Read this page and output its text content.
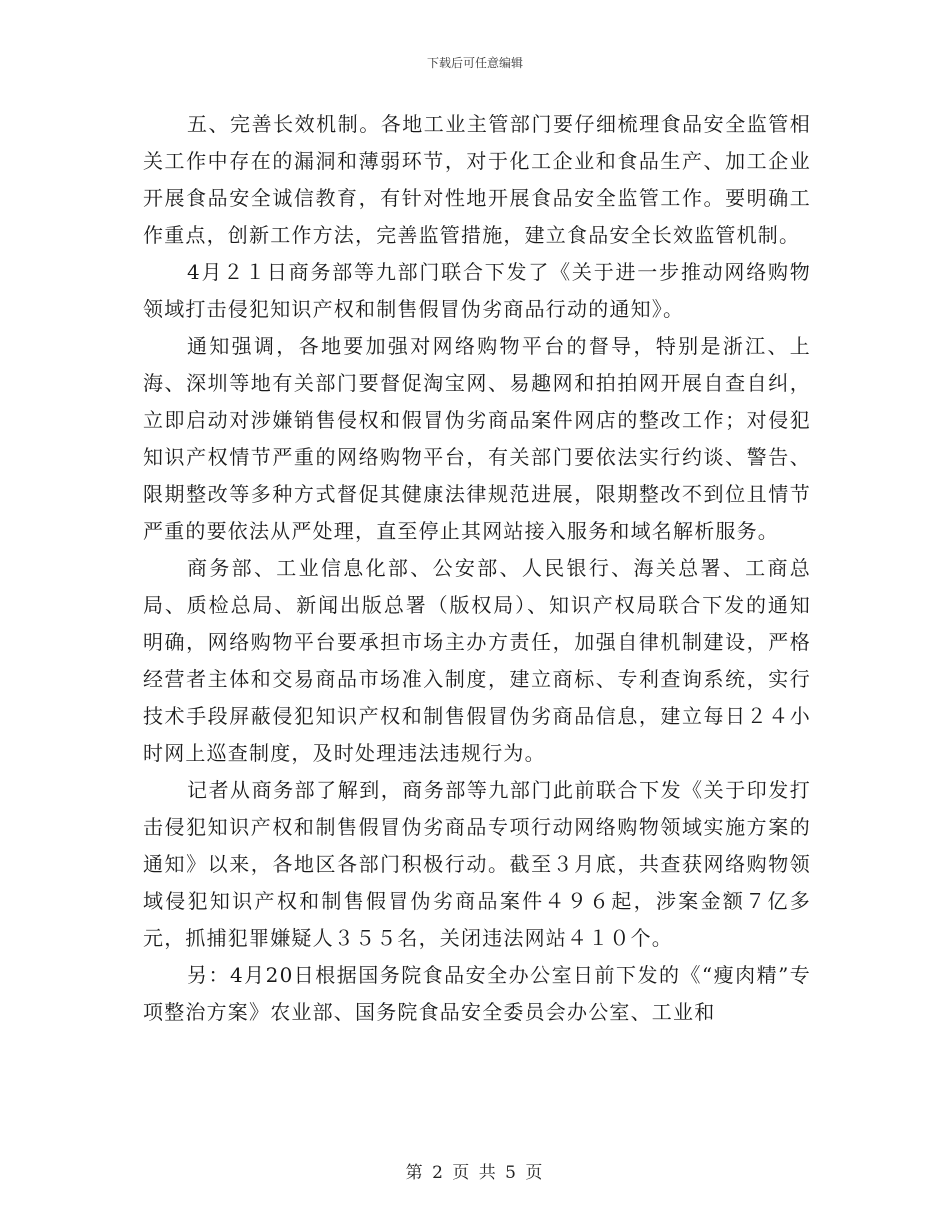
下载后可任意编辑

五、完善长效机制。各地工业主管部门要仔细梳理食品安全监管相关工作中存在的漏洞和薄弱环节，对于化工企业和食品生产、加工企业开展食品安全诚信教育，有针对性地开展食品安全监管工作。要明确工作重点，创新工作方法，完善监管措施，建立食品安全长效监管机制。

4月２１日商务部等九部门联合下发了《关于进一步推动网络购物领域打击侵犯知识产权和制售假冒伪劣商品行动的通知》。

通知强调，各地要加强对网络购物平台的督导，特别是浙江、上海、深圳等地有关部门要督促淘宝网、易趣网和拍拍网开展自查自纠，立即启动对涉嫌销售侵权和假冒伪劣商品案件网店的整改工作；对侵犯知识产权情节严重的网络购物平台，有关部门要依法实行约谈、警告、限期整改等多种方式督促其健康法律规范进展，限期整改不到位且情节严重的要依法从严处理，直至停止其网站接入服务和域名解析服务。

商务部、工业信息化部、公安部、人民银行、海关总署、工商总局、质检总局、新闻出版总署（版权局）、知识产权局联合下发的通知明确，网络购物平台要承担市场主办方责任，加强自律机制建设，严格经营者主体和交易商品市场准入制度，建立商标、专利查询系统，实行技术手段屏蔽侵犯知识产权和制售假冒伪劣商品信息，建立每日２４小时网上巡查制度，及时处理违法违规行为。

记者从商务部了解到，商务部等九部门此前联合下发《关于印发打击侵犯知识产权和制售假冒伪劣商品专项行动网络购物领域实施方案的通知》以来，各地区各部门积极行动。截至３月底，共查获网络购物领域侵犯知识产权和制售假冒伪劣商品案件４９６起，涉案金额７亿多元，抓捕犯罪嫌疑人３５５名，关闭违法网站４１０个。

另：4月20日根据国务院食品安全办公室日前下发的《“瘦肉精”专项整治方案》农业部、国务院食品安全委员会办公室、工业和

第 2 页 共 5 页
